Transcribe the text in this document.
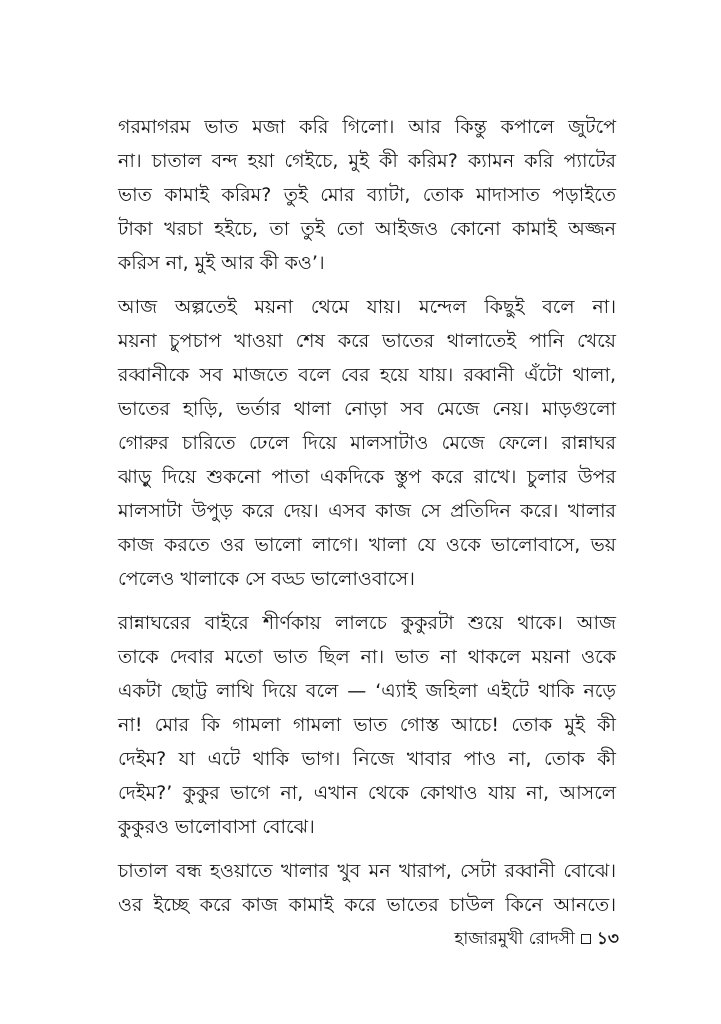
গরমাগরম ভাত মজা করি গিলো। আর কিন্তু কপালে জুটপে
না। চাতাল বন্দ হয়া গেইচে, মুই কী করিম? ক্যামন করি প্যাটের
ভাত কামাই করিম? তুই মোর ব্যাটা, তোক মাদাসাত পড়াইতে
টাকা খরচা হইচে, তা তুই তো আইজও কোনো কামাই অজ্জন
করিস না, মুই আর কী কও’।

আজ অল্পতেই ময়না থেমে যায়। মন্দেল কিছুই বলে না।
ময়না চুপচাপ খাওয়া শেষ করে ভাতের থালাতেই পানি খেয়ে
রব্বানীকে সব মাজতে বলে বের হয়ে যায়। রব্বানী এঁটো থালা,
ভাতের হাড়ি, ভর্তার থালা নোড়া সব মেজে নেয়। মাড়গুলো
গোরুর চারিতে ঢেলে দিয়ে মালসাটাও মেজে ফেলে। রান্নাঘর
ঝাড়ু দিয়ে শুকনো পাতা একদিকে স্তুপ করে রাখে। চুলার উপর
মালসাটা উপুড় করে দেয়। এসব কাজ সে প্রতিদিন করে। খালার
কাজ করতে ওর ভালো লাগে। খালা যে ওকে ভালোবাসে, ভয়
পেলেও খালাকে সে বড্ড ভালোওবাসে।

রান্নাঘরের বাইরে শীর্ণকায় লালচে কুকুরটা শুয়ে থাকে। আজ
তাকে দেবার মতো ভাত ছিল না। ভাত না থাকলে ময়না ওকে
একটা ছোট্ট লাথি দিয়ে বলে — ‘এ্যাই জহিলা এইটে থাকি নড়ে
না! মোর কি গামলা গামলা ভাত গোস্ত আচে! তোক মুই কী
দেইম? যা এটে থাকি ভাগ। নিজে খাবার পাও না, তোক কী
দেইম?’ কুকুর ভাগে না, এখান থেকে কোথাও যায় না, আসলে
কুকুরও ভালোবাসা বোঝে।

চাতাল বন্ধ হওয়াতে খালার খুব মন খারাপ, সেটা রব্বানী বোঝে।
ওর ইচ্ছে করে কাজ কামাই করে ভাতের চাউল কিনে আনতে।

হাজারমুখী রোদসী ১৩
